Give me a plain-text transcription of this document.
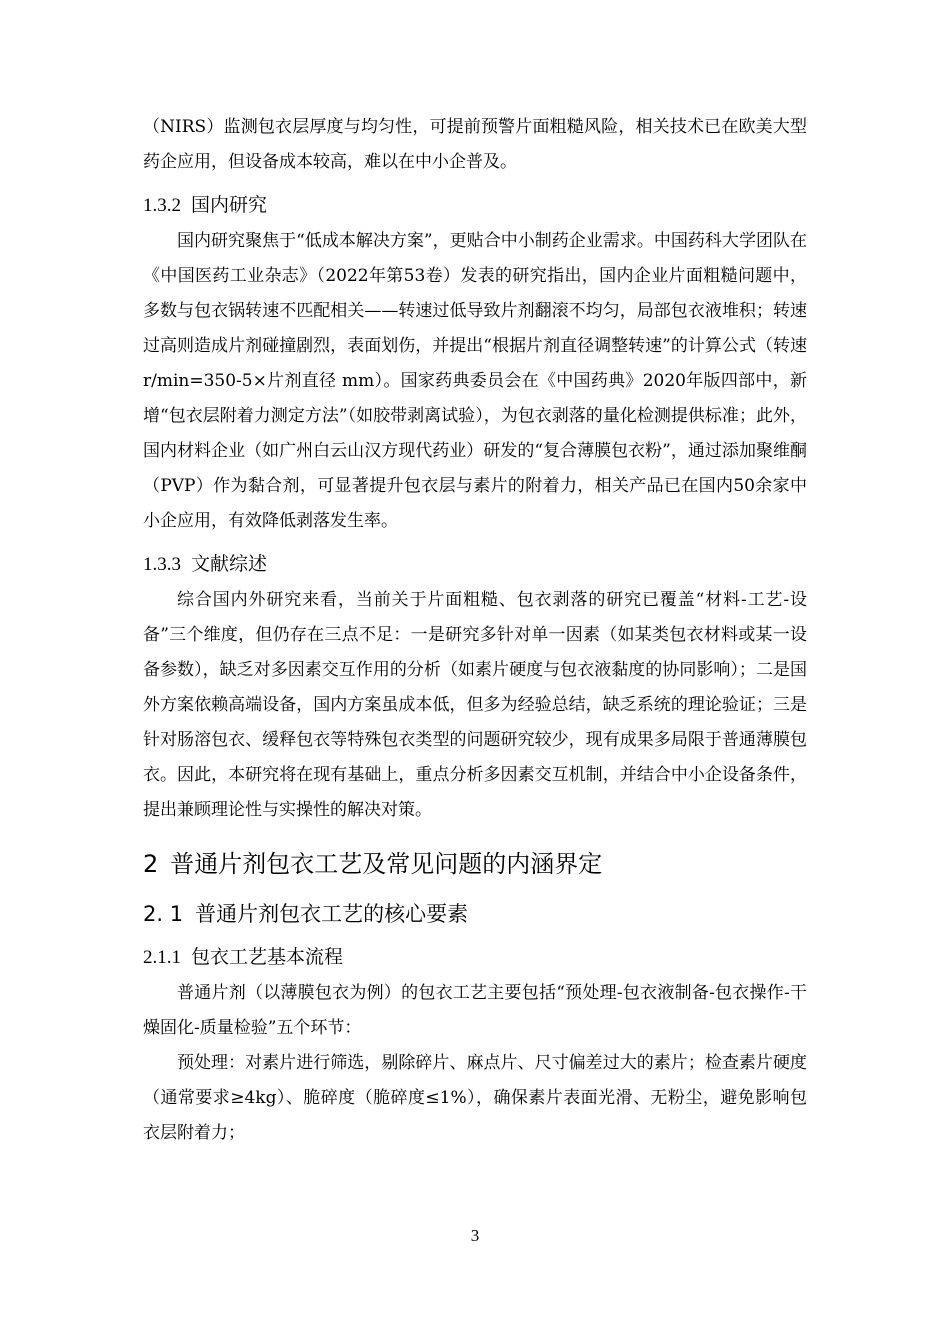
（NIRS）监测包衣层厚度与均匀性，可提前预警片面粗糙风险，相关技术已在欧美大型药企应用，但设备成本较高，难以在中小企普及。

1.3.2 国内研究

国内研究聚焦于“低成本解决方案”，更贴合中小制药企业需求。中国药科大学团队在《中国医药工业杂志》（2022年第53卷）发表的研究指出，国内企业片面粗糙问题中，多数与包衣锅转速不匹配相关——转速过低导致片剂翻滚不均匀，局部包衣液堆积；转速过高则造成片剂碰撞剧烈，表面划伤，并提出“根据片剂直径调整转速”的计算公式（转速 r/min=350-5×片剂直径 mm）。国家药典委员会在《中国药典》2020年版四部中，新增“包衣层附着力测定方法”（如胶带剥离试验），为包衣剥落的量化检测提供标准；此外，国内材料企业（如广州白云山汉方现代药业）研发的“复合薄膜包衣粉”，通过添加聚维酮（PVP）作为黏合剂，可显著提升包衣层与素片的附着力，相关产品已在国内50余家中小企应用，有效降低剥落发生率。

1.3.3 文献综述

综合国内外研究来看，当前关于片面粗糙、包衣剥落的研究已覆盖“材料-工艺-设备”三个维度，但仍存在三点不足：一是研究多针对单一因素（如某类包衣材料或某一设备参数），缺乏对多因素交互作用的分析（如素片硬度与包衣液黏度的协同影响）；二是国外方案依赖高端设备，国内方案虽成本低，但多为经验总结，缺乏系统的理论验证；三是针对肠溶包衣、缓释包衣等特殊包衣类型的问题研究较少，现有成果多局限于普通薄膜包衣。因此，本研究将在现有基础上，重点分析多因素交互机制，并结合中小企设备条件，提出兼顾理论性与实操性的解决对策。

2 普通片剂包衣工艺及常见问题的内涵界定
2. 1 普通片剂包衣工艺的核心要素
2.1.1 包衣工艺基本流程

普通片剂（以薄膜包衣为例）的包衣工艺主要包括“预处理-包衣液制备-包衣操作-干燥固化-质量检验”五个环节：

预处理：对素片进行筛选，剔除碎片、麻点片、尺寸偏差过大的素片；检查素片硬度（通常要求≥4kg）、脆碎度（脆碎度≤1%），确保素片表面光滑、无粉尘，避免影响包衣层附着力；

3
